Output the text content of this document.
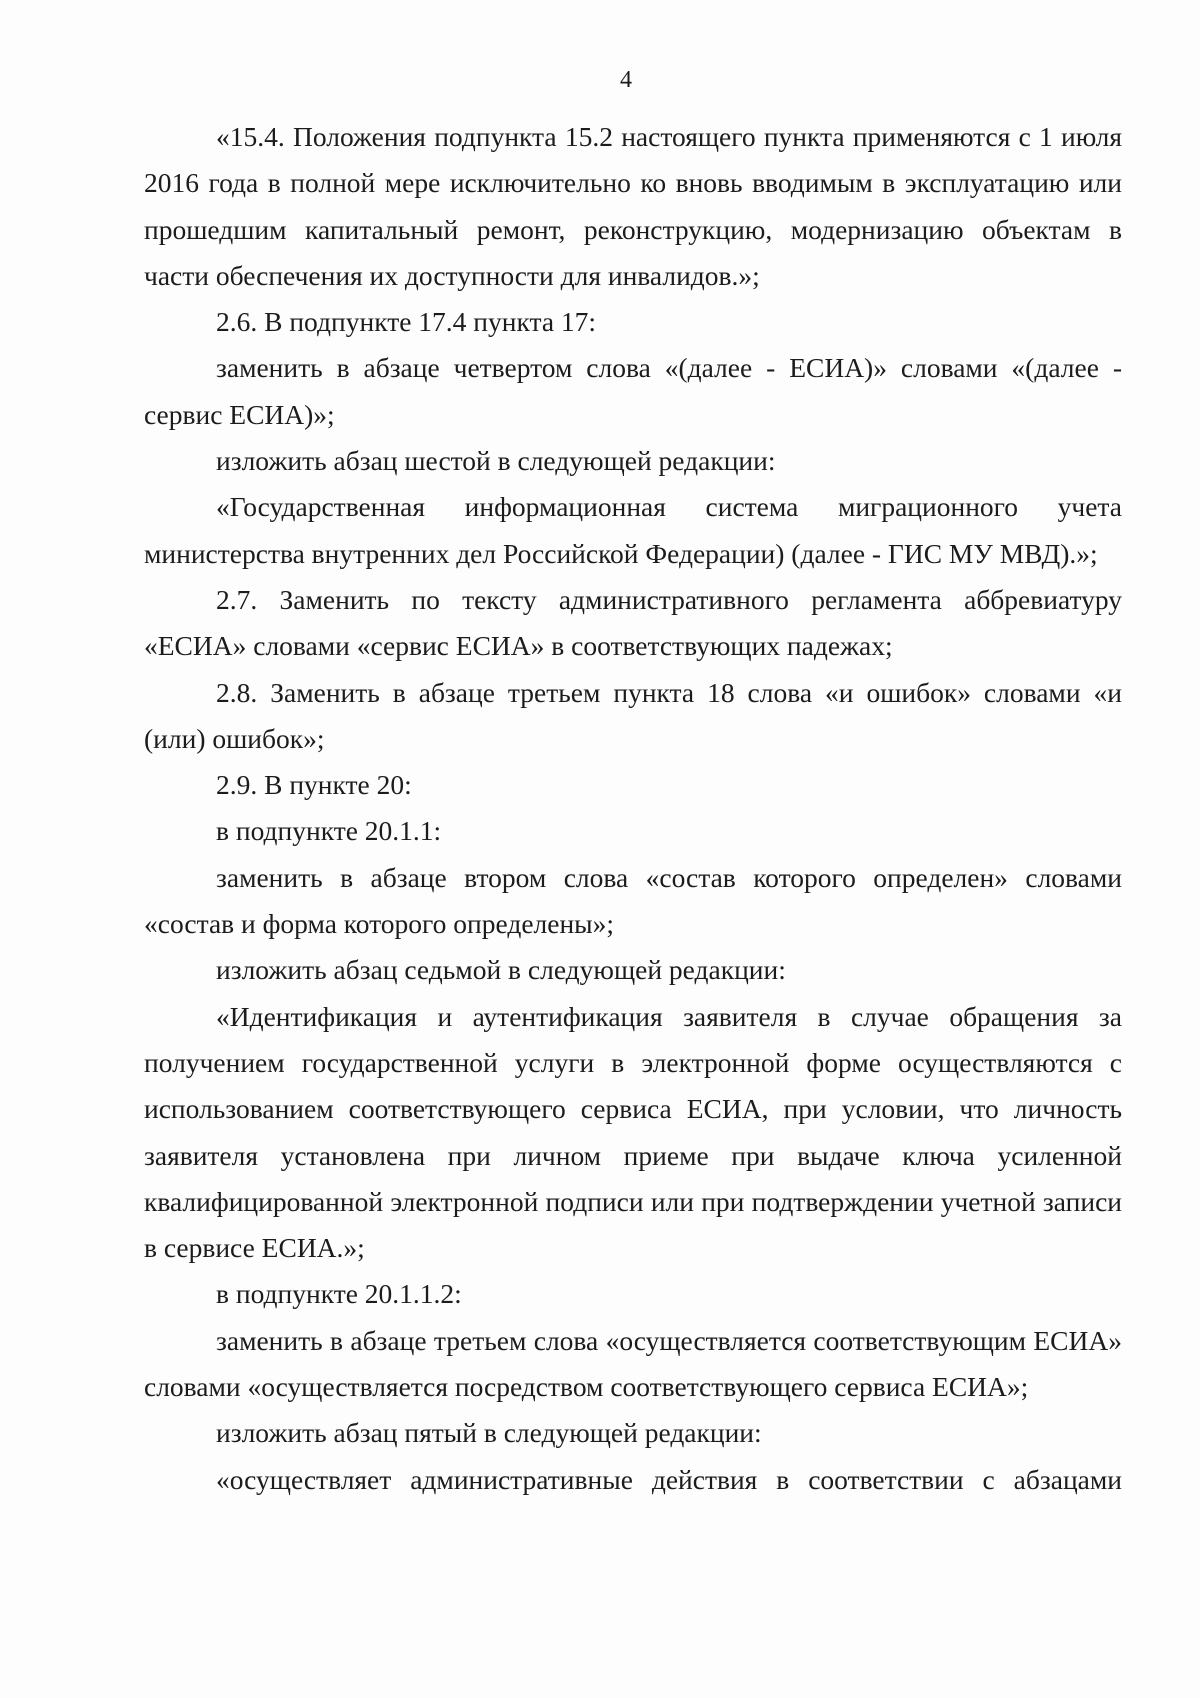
4

«15.4. Положения подпункта 15.2 настоящего пункта применяются с 1 июля 2016 года в полной мере исключительно ко вновь вводимым в эксплуатацию или прошедшим капитальный ремонт, реконструкцию, модернизацию объектам в части обеспечения их доступности для инвалидов.»;

2.6. В подпункте 17.4 пункта 17:

заменить в абзаце четвертом слова «(далее - ЕСИА)» словами «(далее - сервис ЕСИА)»;

изложить абзац шестой в следующей редакции:

«Государственная информационная система миграционного учета министерства внутренних дел Российской Федерации) (далее - ГИС МУ МВД).»;

2.7. Заменить по тексту административного регламента аббревиатуру «ЕСИА» словами «сервис ЕСИА» в соответствующих падежах;

2.8. Заменить в абзаце третьем пункта 18 слова «и ошибок» словами «и (или) ошибок»;

2.9. В пункте 20:

в подпункте 20.1.1:

заменить в абзаце втором слова «состав которого определен» словами «состав и форма которого определены»;

изложить абзац седьмой в следующей редакции:

«Идентификация и аутентификация заявителя в случае обращения за получением государственной услуги в электронной форме осуществляются с использованием соответствующего сервиса ЕСИА, при условии, что личность заявителя установлена при личном приеме при выдаче ключа усиленной квалифицированной электронной подписи или при подтверждении учетной записи в сервисе ЕСИА.»;

в подпункте 20.1.1.2:

заменить в абзаце третьем слова «осуществляется соответствующим ЕСИА» словами «осуществляется посредством соответствующего сервиса ЕСИА»;

изложить абзац пятый в следующей редакции:

«осуществляет административные действия в соответствии с абзацами
